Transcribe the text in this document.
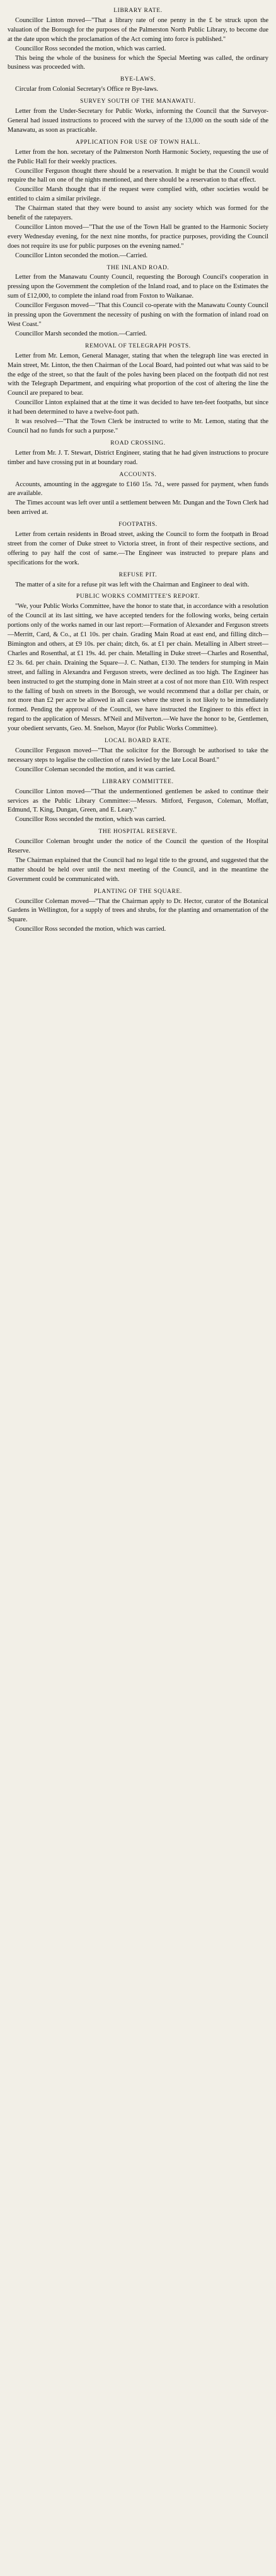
LIBRARY RATE.

Councillor Linton moved—"That a library rate of one penny in the £ be struck upon the valuation of the Borough for the purposes of the Palmerston North Public Library, to become due at the date upon which the proclamation of the Act coming into force is published."

Councillor Ross seconded the motion, which was carried.

This being the whole of the business for which the Special Meeting was called, the ordinary business was proceeded with.

BYE-LAWS.

Circular from Colonial Secretary's Office re Bye-laws.

SURVEY SOUTH OF THE MANAWATU.

Letter from the Under-Secretary for Public Works, informing the Council that the Surveyor-General had issued instructions to proceed with the survey of the 13,000 on the south side of the Manawatu, as soon as practicable.

APPLICATION FOR USE OF TOWN HALL.

Letter from the hon. secretary of the Palmerston North Harmonic Society, requesting the use of the Public Hall for their weekly practices.

Councillor Ferguson thought there should be a reservation. It might be that the Council would require the hall on one of the nights mentioned, and there should be a reservation to that effect.

Councillor Marsh thought that if the request were complied with, other societies would be entitled to claim a similar privilege.

The Chairman stated that they were bound to assist any society which was formed for the benefit of the ratepayers.

Councillor Linton moved—"That the use of the Town Hall be granted to the Harmonic Society every Wednesday evening, for the next nine months, for practice purposes, providing the Council does not require its use for public purposes on the evening named."

Councillor Linton seconded the motion.—Carried.

THE INLAND ROAD.

Letter from the Manawatu County Council, requesting the Borough Council's cooperation in pressing upon the Government the completion of the Inland road, and to place on the Estimates the sum of £12,000, to complete the inland road from Foxton to Waikanae.

Councillor Ferguson moved—"That this Council co-operate with the Manawatu County Council in pressing upon the Government the necessity of pushing on with the formation of inland road on West Coast."

Councillor Marsh seconded the motion.—Carried.

REMOVAL OF TELEGRAPH POSTS.

Letter from Mr. Lemon, General Manager, stating that when the telegraph line was erected in Main street, Mr. Linton, the then Chairman of the Local Board, had pointed out what was said to be the edge of the street, so that the fault of the poles having been placed on the footpath did not rest with the Telegraph Department, and enquiring what proportion of the cost of altering the line the Council are prepared to bear.

Councillor Linton explained that at the time it was decided to have ten-feet footpaths, but since it had been determined to have a twelve-foot path.

It was resolved—"That the Town Clerk be instructed to write to Mr. Lemon, stating that the Council had no funds for such a purpose."

ROAD CROSSING.

Letter from Mr. J. T. Stewart, District Engineer, stating that he had given instructions to procure timber and have crossing put in at boundary road.

ACCOUNTS.

Accounts, amounting in the aggregate to £160 15s. 7d., were passed for payment, when funds are available.

The Times account was left over until a settlement between Mr. Dungan and the Town Clerk had been arrived at.

FOOTPATHS.

Letter from certain residents in Broad street, asking the Council to form the footpath in Broad street from the corner of Duke street to Victoria street, in front of their respective sections, and offering to pay half the cost of same.—The Engineer was instructed to prepare plans and specifications for the work.

REFUSE PIT.

The matter of a site for a refuse pit was left with the Chairman and Engineer to deal with.

PUBLIC WORKS COMMITTEE'S REPORT.

"We, your Public Works Committee, have the honor to state that, in accordance with a resolution of the Council at its last sitting, we have accepted tenders for the following works, being certain portions only of the works named in our last report:—Formation of Alexander and Ferguson streets—Merritt, Card, & Co., at £1 10s. per chain. Grading Main Road at east end, and filling ditch—Bimington and others, at £9 10s. per chain; ditch, 6s. at £1 per chain. Metalling in Albert street—Charles and Rosenthal, at £1 19s. 4d. per chain. Metalling in Duke street—Charles and Rosenthal, £2 3s. 6d. per chain. Draining the Square—J. C. Nathan, £130. The tenders for stumping in Main street, and falling in Alexandra and Ferguson streets, were declined as too high. The Engineer has been instructed to get the stumping done in Main street at a cost of not more than £10. With respect to the falling of bush on streets in the Borough, we would recommend that a dollar per chain, or not more than £2 per acre be allowed in all cases where the street is not likely to be immediately formed. Pending the approval of the Council, we have instructed the Engineer to this effect in regard to the application of Messrs. M'Neil and Milverton.—We have the honor to be, Gentlemen, your obedient servants, Geo. M. Snelson, Mayor (for Public Works Committee).

LOCAL BOARD RATE.

Councillor Ferguson moved—"That the solicitor for the Borough be authorised to take the necessary steps to legalise the collection of rates levied by the late Local Board."

Councillor Coleman seconded the motion, and it was carried.

LIBRARY COMMITTEE.

Councillor Linton moved—"That the undermentioned gentlemen be asked to continue their services as the Public Library Committee:—Messrs. Mitford, Ferguson, Coleman, Moffatt, Edmund, T. King, Dungan, Green, and E. Leary."

Councillor Ross seconded the motion, which was carried.

THE HOSPITAL RESERVE.

Councillor Coleman brought under the notice of the Council the question of the Hospital Reserve.

The Chairman explained that the Council had no legal title to the ground, and suggested that the matter should be held over until the next meeting of the Council, and in the meantime the Government could be communicated with.

PLANTING OF THE SQUARE.

Councillor Coleman moved—"That the Chairman apply to Dr. Hector, curator of the Botanical Gardens in Wellington, for a supply of trees and shrubs, for the planting and ornamentation of the Square.

Councillor Ross seconded the motion, which was carried.
